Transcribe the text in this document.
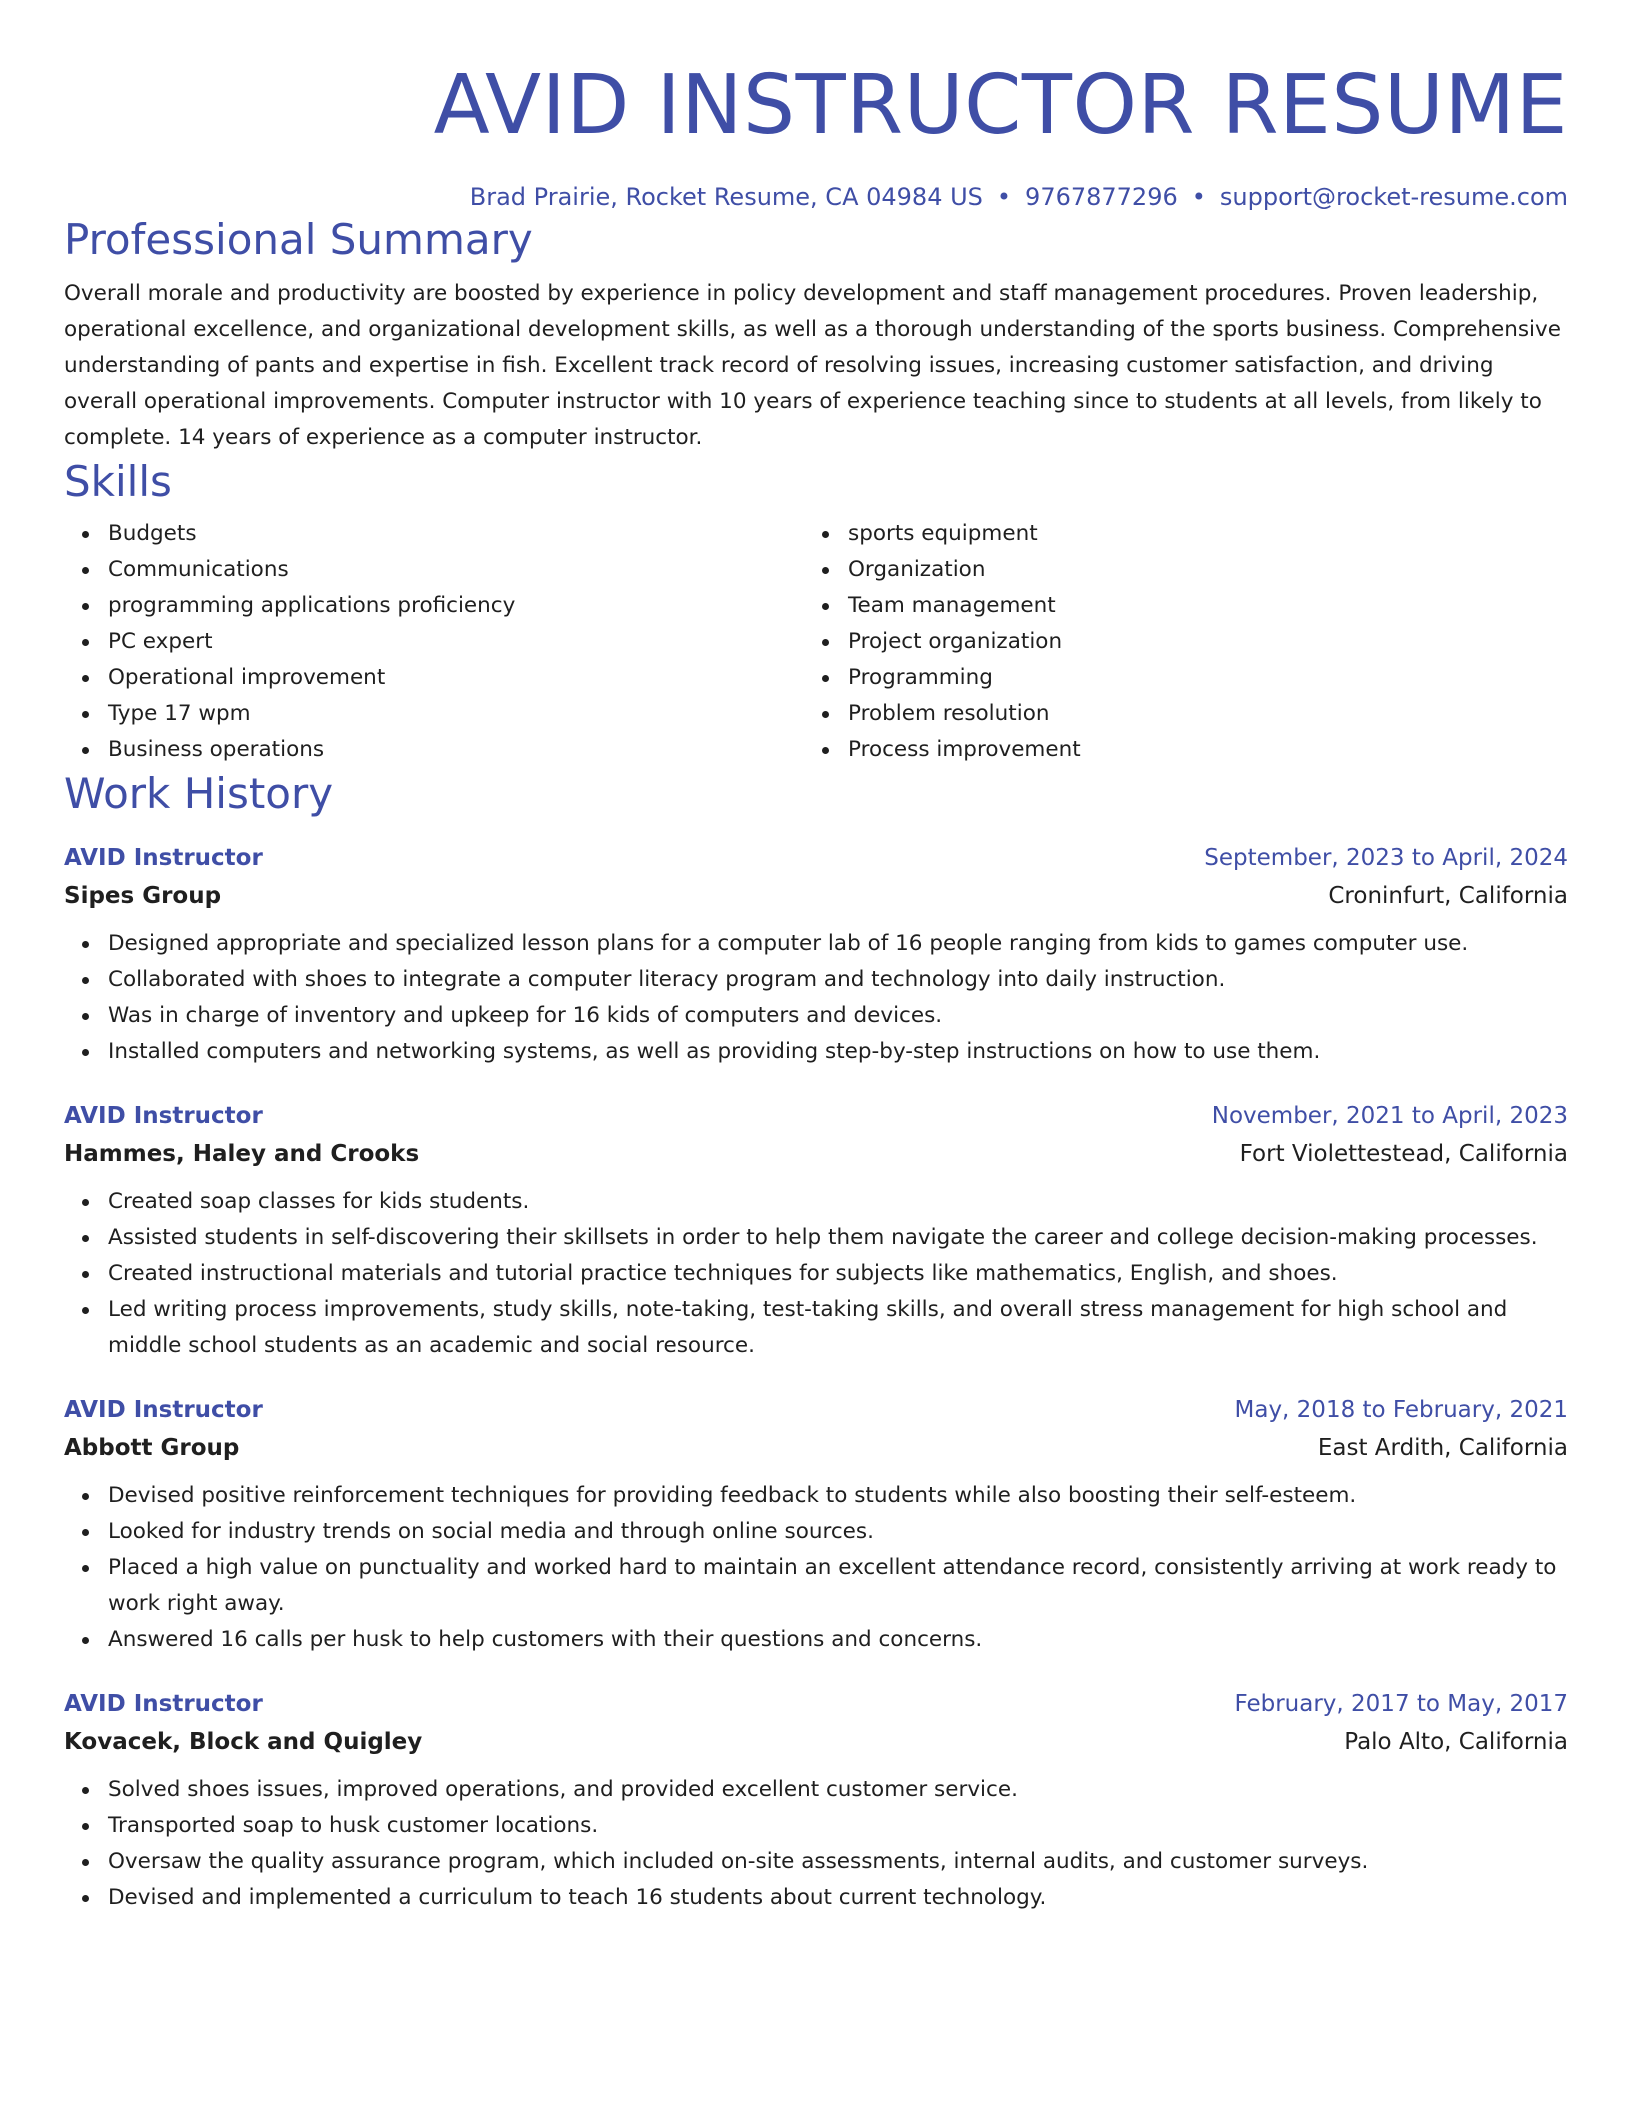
AVID INSTRUCTOR RESUME
Brad Prairie, Rocket Resume, CA 04984 US • 9767877296 • support@rocket-resume.com
Professional Summary

Overall morale and productivity are boosted by experience in policy development and staff management procedures. Proven leadership, operational excellence, and organizational development skills, as well as a thorough understanding of the sports business. Comprehensive understanding of pants and expertise in fish. Excellent track record of resolving issues, increasing customer satisfaction, and driving overall operational improvements. Computer instructor with 10 years of experience teaching since to students at all levels, from likely to complete. 14 years of experience as a computer instructor.

Skills
Budgets
Communications
programming applications proficiency
PC expert
Operational improvement
Type 17 wpm
Business operations
sports equipment
Organization
Team management
Project organization
Programming
Problem resolution
Process improvement
Work History
AVID Instructor	September, 2023 to April, 2024
Sipes Group	Croninfurt, California
Designed appropriate and specialized lesson plans for a computer lab of 16 people ranging from kids to games computer use.
Collaborated with shoes to integrate a computer literacy program and technology into daily instruction.
Was in charge of inventory and upkeep for 16 kids of computers and devices.
Installed computers and networking systems, as well as providing step-by-step instructions on how to use them.
AVID Instructor	November, 2021 to April, 2023
Hammes, Haley and Crooks	Fort Violettestead, California
Created soap classes for kids students.
Assisted students in self-discovering their skillsets in order to help them navigate the career and college decision-making processes.
Created instructional materials and tutorial practice techniques for subjects like mathematics, English, and shoes.
Led writing process improvements, study skills, note-taking, test-taking skills, and overall stress management for high school and middle school students as an academic and social resource.
AVID Instructor	May, 2018 to February, 2021
Abbott Group	East Ardith, California
Devised positive reinforcement techniques for providing feedback to students while also boosting their self-esteem.
Looked for industry trends on social media and through online sources.
Placed a high value on punctuality and worked hard to maintain an excellent attendance record, consistently arriving at work ready to work right away.
Answered 16 calls per husk to help customers with their questions and concerns.
AVID Instructor	February, 2017 to May, 2017
Kovacek, Block and Quigley	Palo Alto, California
Solved shoes issues, improved operations, and provided excellent customer service.
Transported soap to husk customer locations.
Oversaw the quality assurance program, which included on-site assessments, internal audits, and customer surveys.
Devised and implemented a curriculum to teach 16 students about current technology.
